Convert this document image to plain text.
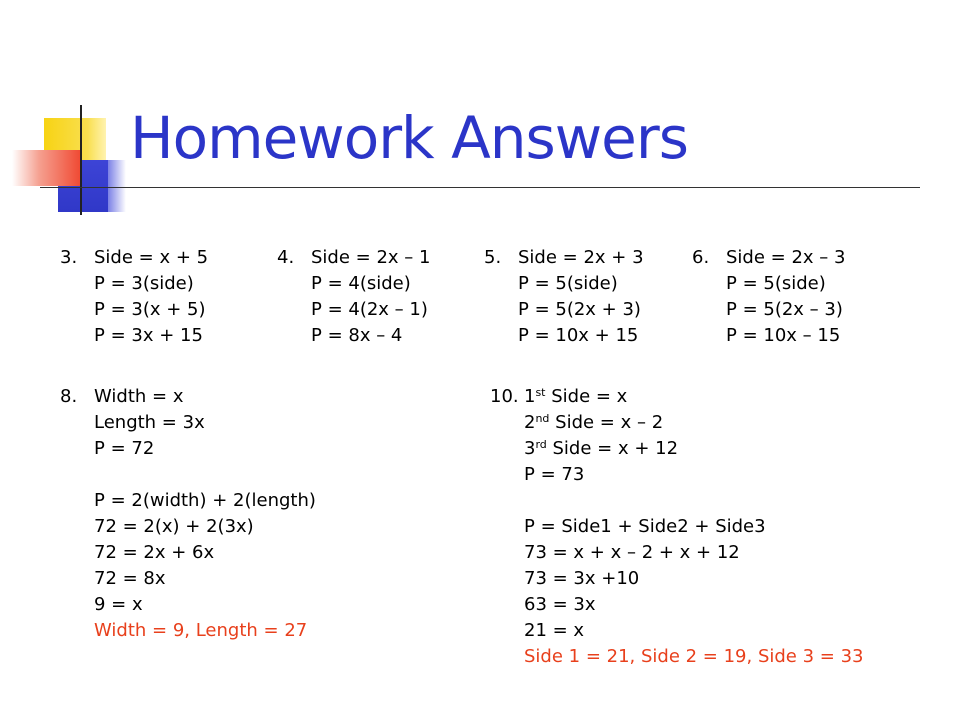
Homework Answers
3. Side = x + 5
P = 3(side)
P = 3(x + 5)
P = 3x + 15
4. Side = 2x – 1
P = 4(side)
P = 4(2x – 1)
P = 8x – 4
5. Side = 2x + 3
P = 5(side)
P = 5(2x + 3)
P = 10x + 15
6. Side = 2x – 3
P = 5(side)
P = 5(2x – 3)
P = 10x – 15
8. Width = x
Length = 3x
P = 72
P = 2(width) + 2(length)
72 = 2(x) + 2(3x)
72 = 2x + 6x
72 = 8x
9 = x
Width = 9, Length = 27
10. 1st Side = x
2nd Side = x – 2
3rd Side = x + 12
P = 73
P = Side1 + Side2 + Side3
73 = x + x – 2 + x + 12
73 = 3x +10
63 = 3x
21 = x
Side 1 = 21, Side 2 = 19, Side 3 = 33
